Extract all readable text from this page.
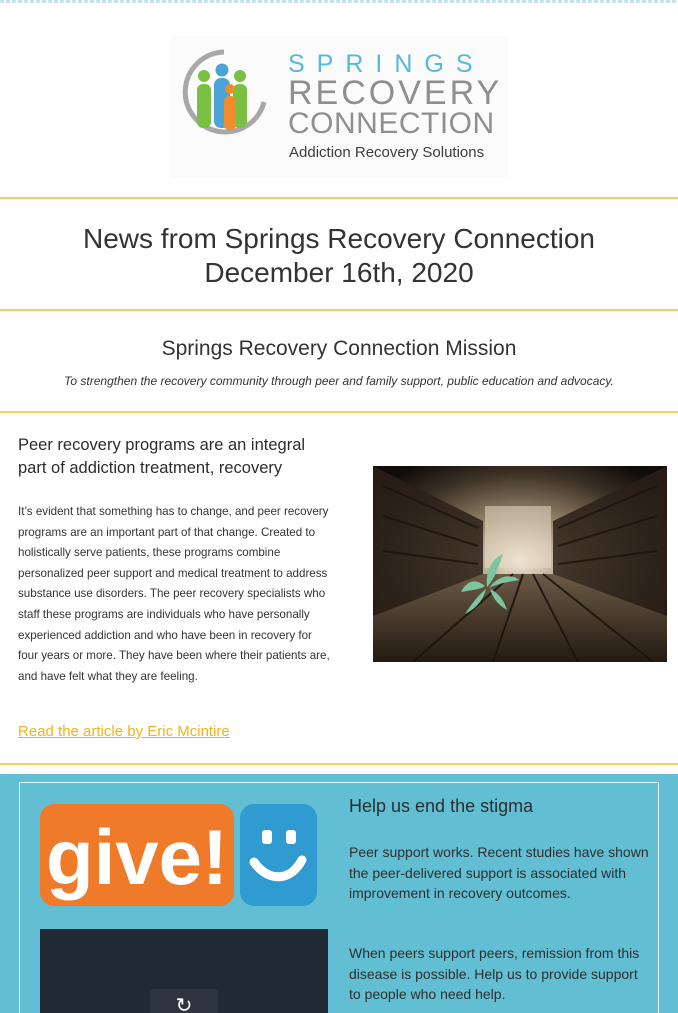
SPRINGS
RECOVERY
CONNECTION
Addiction Recovery Solutions
News from Springs Recovery Connection
December 16th, 2020
Springs Recovery Connection Mission
To strengthen the recovery community through peer and family support, public education and advocacy.
Peer recovery programs are an integral part of addiction treatment, recovery

It’s evident that something has to change, and peer recovery programs are an important part of that change. Created to holistically serve patients, these programs combine personalized peer support and medical treatment to address substance use disorders. The peer recovery specialists who staff these programs are individuals who have personally experienced addiction and who have been in recovery for four years or more. They have been where their patients are, and have felt what they are feeling.

Read the article by Eric Mcintire
give!
↻
Help us end the stigma

Peer support works. Recent studies have shown the peer-delivered support is associated with improvement in recovery outcomes.

When peers support peers, remission from this disease is possible. Help us to provide support to people who need help.
